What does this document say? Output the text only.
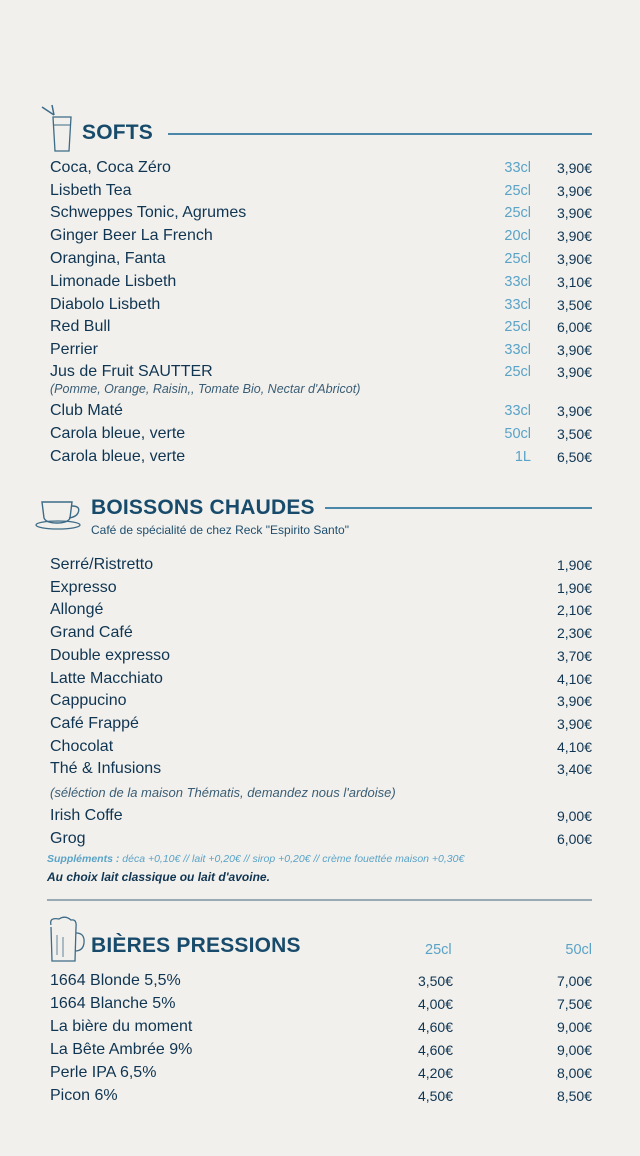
SOFTS
Coca, Coca Zéro	33cl 3,90€
Lisbeth Tea	25cl 3,90€
Schweppes Tonic, Agrumes	25cl 3,90€
Ginger Beer La French	20cl 3,90€
Orangina, Fanta	25cl 3,90€
Limonade Lisbeth	33cl 3,10€
Diabolo Lisbeth	33cl 3,50€
Red Bull	25cl 6,00€
Perrier	33cl 3,90€
Jus de Fruit SAUTTER	25cl 3,90€
Club Maté	33cl 3,90€
Carola bleue, verte	50cl 3,50€
Carola bleue, verte	1L 6,50€
(Pomme, Orange, Raisin,, Tomate Bio, Nectar d'Abricot)
BOISSONS CHAUDES
Café de spécialité de chez Reck "Espirito Santo"
Serré/Ristretto	1,90€
Expresso	1,90€
Allongé	2,10€
Grand Café	2,30€
Double expresso	3,70€
Latte Macchiato	4,10€
Cappucino	3,90€
Café Frappé	3,90€
Chocolat	4,10€
Thé & Infusions	3,40€
(séléction de la maison Thématis, demandez nous l'ardoise)
Irish Coffe	9,00€
Grog	6,00€
Suppléments : déca +0,10€ // lait +0,20€ // sirop +0,20€ // crème fouettée maison +0,30€
Au choix lait classique ou lait d'avoine.
BIÈRES PRESSIONS	25cl	50cl
1664 Blonde 5,5%	3,50€	7,00€
1664 Blanche 5%	4,00€	7,50€
La bière du moment	4,60€	9,00€
La Bête Ambrée 9%	4,60€	9,00€
Perle IPA 6,5%	4,20€	8,00€
Picon 6%	4,50€	8,50€
